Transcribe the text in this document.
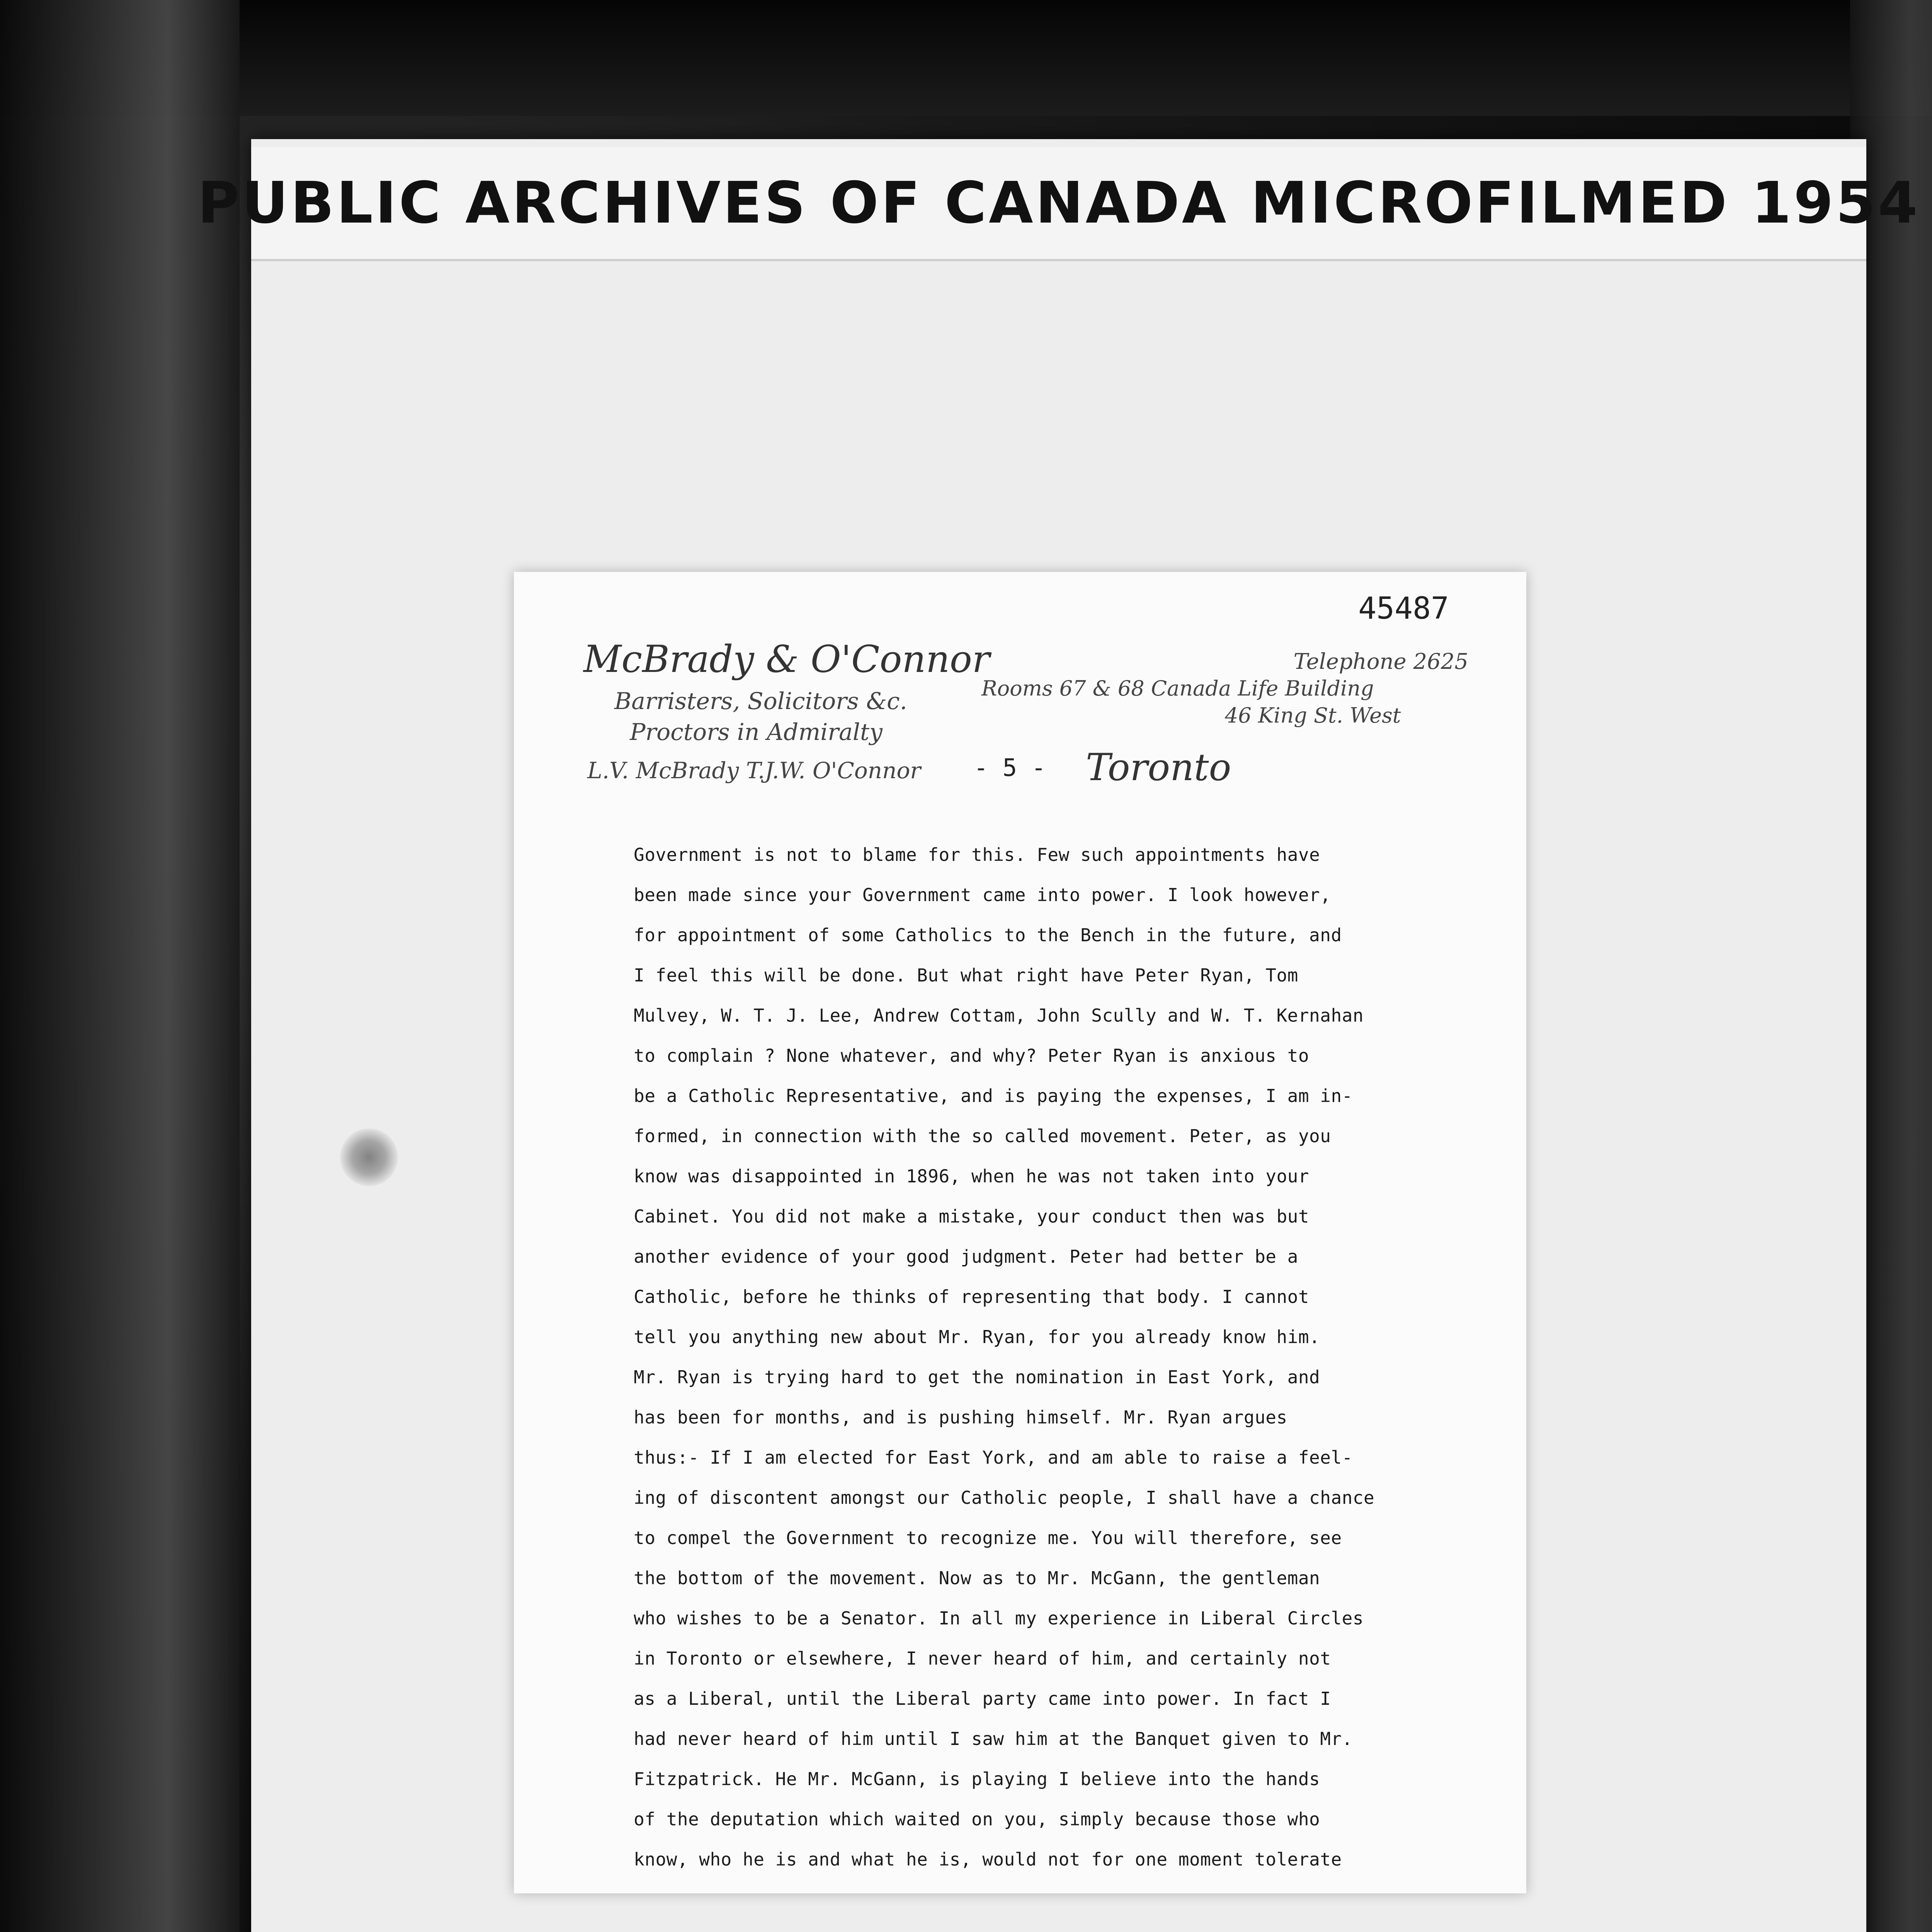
PUBLIC ARCHIVES OF CANADA MICROFILMED 1954
45487
McBrady & O'Connor
Barristers, Solicitors &c.
Proctors in Admiralty
L.V. McBrady T.J.W. O'Connor
Telephone 2625
Rooms 67 & 68 Canada Life Building
46 King St. West
- 5 - Toronto
Government is not to blame for this. Few such appointments have
been made since your Government came into power. I look however,
for appointment of some Catholics to the Bench in the future, and
I feel this will be done. But what right have Peter Ryan, Tom
Mulvey, W. T. J. Lee, Andrew Cottam, John Scully and W. T. Kernahan
to complain ? None whatever, and why? Peter Ryan is anxious to
be a Catholic Representative, and is paying the expenses, I am in-
formed, in connection with the so called movement. Peter, as you
know was disappointed in 1896, when he was not taken into your
Cabinet. You did not make a mistake, your conduct then was but
another evidence of your good judgment. Peter had better be a
Catholic, before he thinks of representing that body. I cannot
tell you anything new about Mr. Ryan, for you already know him.
Mr. Ryan is trying hard to get the nomination in East York, and
has been for months, and is pushing himself. Mr. Ryan argues
thus:- If I am elected for East York, and am able to raise a feel-
ing of discontent amongst our Catholic people, I shall have a chance
to compel the Government to recognize me. You will therefore, see
the bottom of the movement. Now as to Mr. McGann, the gentleman
who wishes to be a Senator. In all my experience in Liberal Circles
in Toronto or elsewhere, I never heard of him, and certainly not
as a Liberal, until the Liberal party came into power. In fact I
had never heard of him until I saw him at the Banquet given to Mr.
Fitzpatrick. He Mr. McGann, is playing I believe into the hands
of the deputation which waited on you, simply because those who
know, who he is and what he is, would not for one moment tolerate
